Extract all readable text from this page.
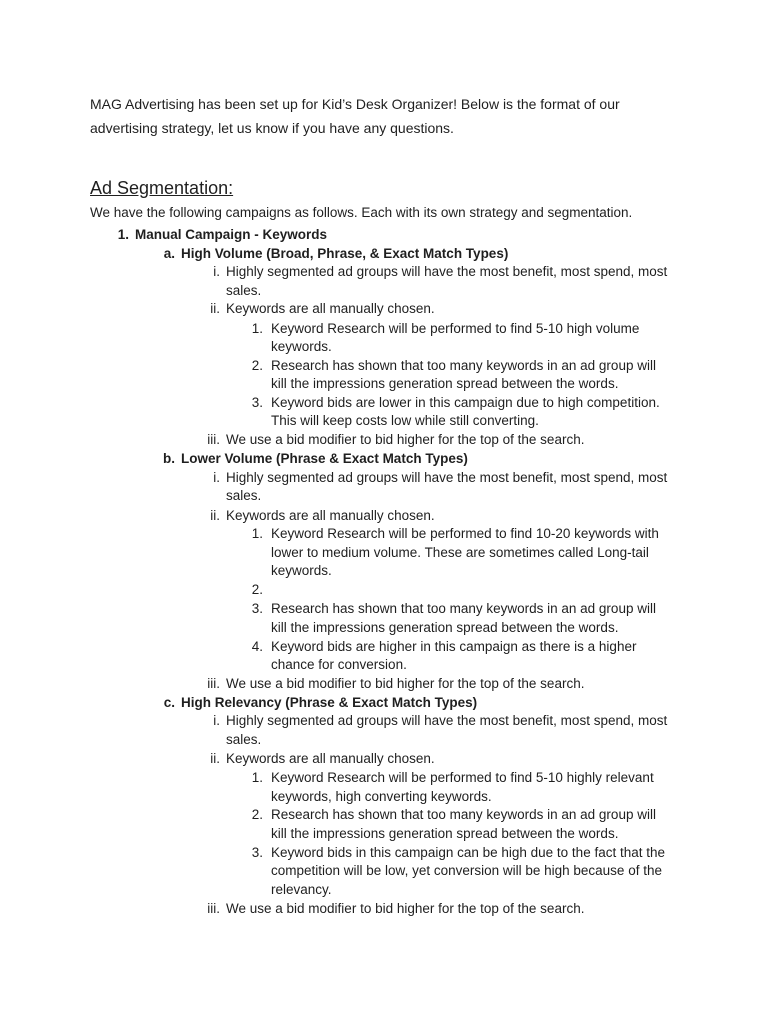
MAG Advertising has been set up for Kid’s Desk Organizer! Below is the format of our
advertising strategy, let us know if you have any questions.
Ad Segmentation:
We have the following campaigns as follows. Each with its own strategy and segmentation.
1. Manual Campaign - Keywords
a. High Volume (Broad, Phrase, & Exact Match Types)
i. Highly segmented ad groups will have the most benefit, most spend, most
sales.
ii. Keywords are all manually chosen.
1. Keyword Research will be performed to find 5-10 high volume
keywords.
2. Research has shown that too many keywords in an ad group will
kill the impressions generation spread between the words.
3. Keyword bids are lower in this campaign due to high competition.
This will keep costs low while still converting.
iii. We use a bid modifier to bid higher for the top of the search.
b. Lower Volume (Phrase & Exact Match Types)
i. Highly segmented ad groups will have the most benefit, most spend, most
sales.
ii. Keywords are all manually chosen.
1. Keyword Research will be performed to find 10-20 keywords with
lower to medium volume. These are sometimes called Long-tail
keywords.
2.
3. Research has shown that too many keywords in an ad group will
kill the impressions generation spread between the words.
4. Keyword bids are higher in this campaign as there is a higher
chance for conversion.
iii. We use a bid modifier to bid higher for the top of the search.
c. High Relevancy (Phrase & Exact Match Types)
i. Highly segmented ad groups will have the most benefit, most spend, most
sales.
ii. Keywords are all manually chosen.
1. Keyword Research will be performed to find 5-10 highly relevant
keywords, high converting keywords.
2. Research has shown that too many keywords in an ad group will
kill the impressions generation spread between the words.
3. Keyword bids in this campaign can be high due to the fact that the
competition will be low, yet conversion will be high because of the
relevancy.
iii. We use a bid modifier to bid higher for the top of the search.
